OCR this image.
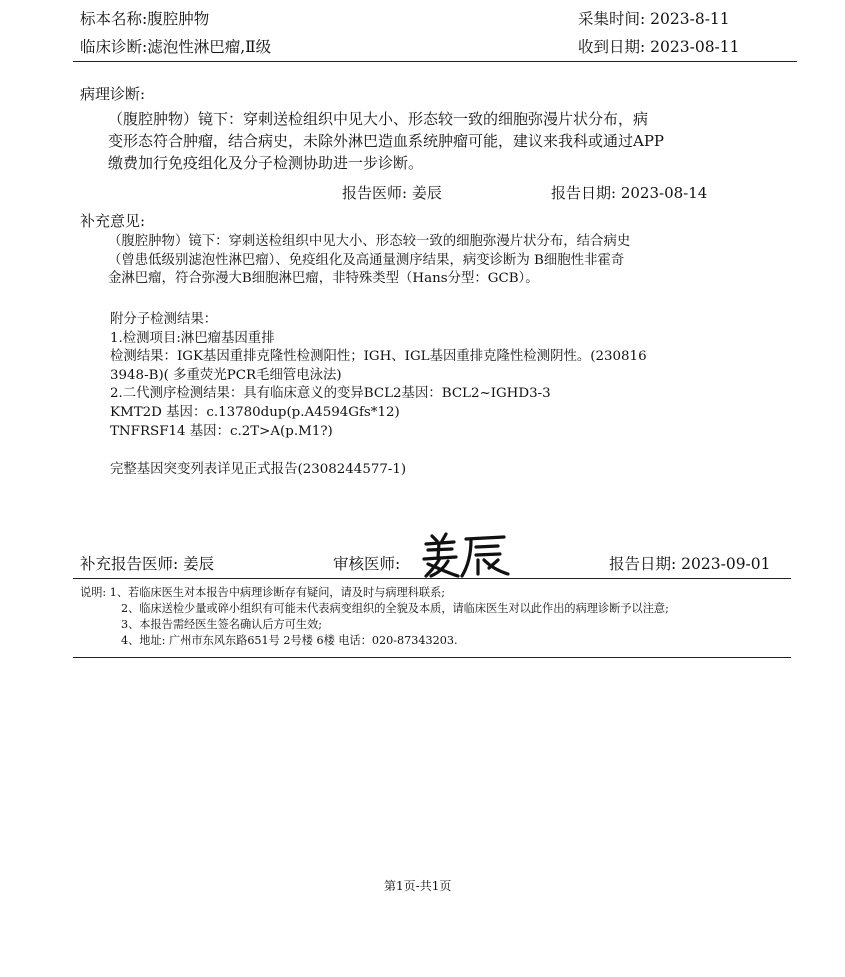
标本名称:腹腔肿物	采集时间: 2023-8-11
临床诊断:滤泡性淋巴瘤,Ⅱ级	收到日期: 2023-08-11
病理诊断:
（腹腔肿物）镜下：穿刺送检组织中见大小、形态较一致的细胞弥漫片状分布，病
变形态符合肿瘤，结合病史，未除外淋巴造血系统肿瘤可能，建议来我科或通过APP
缴费加行免疫组化及分子检测协助进一步诊断。
报告医师: 姜辰	报告日期: 2023-08-14
补充意见:
（腹腔肿物）镜下：穿刺送检组织中见大小、形态较一致的细胞弥漫片状分布，结合病史
（曾患低级别滤泡性淋巴瘤）、免疫组化及高通量测序结果，病变诊断为 B细胞性非霍奇
金淋巴瘤，符合弥漫大B细胞淋巴瘤，非特殊类型（Hans分型：GCB）。
附分子检测结果：
1.检测项目:淋巴瘤基因重排
检测结果：IGK基因重排克隆性检测阳性；IGH、IGL基因重排克隆性检测阴性。(230816
3948-B)( 多重荧光PCR毛细管电泳法)
2.二代测序检测结果：具有临床意义的变异BCL2基因：BCL2~IGHD3-3
KMT2D 基因：c.13780dup(p.A4594Gfs*12)
TNFRSF14 基因：c.2T>A(p.M1?)
完整基因突变列表详见正式报告(2308244577-1)
补充报告医师: 姜辰	审核医师:	报告日期: 2023-09-01
说明: 1、若临床医生对本报告中病理诊断存有疑问，请及时与病理科联系;
2、临床送检少量或碎小组织有可能未代表病变组织的全貌及本质，请临床医生对以此作出的病理诊断予以注意;
3、本报告需经医生签名确认后方可生效;
4、地址: 广州市东风东路651号 2号楼 6楼 电话：020-87343203.
第1页-共1页
